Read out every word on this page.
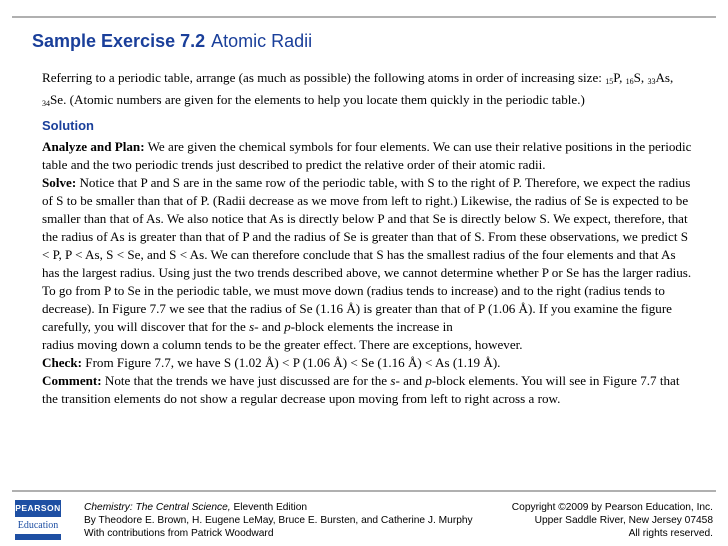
Sample Exercise 7.2 Atomic Radii

Referring to a periodic table, arrange (as much as possible) the following atoms in order of increasing size: $_{15}$P, $_{16}$S, $_{33}$As, $_{34}$Se. (Atomic numbers are given for the elements to help you locate them quickly in the periodic table.)

Solution

Analyze and Plan: We are given the chemical symbols for four elements. We can use their relative positions in the periodic table and the two periodic trends just described to predict the relative order of their atomic radii.

Solve: Notice that P and S are in the same row of the periodic table, with S to the right of P. Therefore, we expect the radius of S to be smaller than that of P. (Radii decrease as we move from left to right.) Likewise, the radius of Se is expected to be smaller than that of As. We also notice that As is directly below P and that Se is directly below S. We expect, therefore, that the radius of As is greater than that of P and the radius of Se is greater than that of S. From these observations, we predict S < P, P < As, S < Se, and S < As. We can therefore conclude that S has the smallest radius of the four elements and that As has the largest radius. Using just the two trends described above, we cannot determine whether P or Se has the larger radius. To go from P to Se in the periodic table, we must move down (radius tends to increase) and to the right (radius tends to decrease). In Figure 7.7 we see that the radius of Se (1.16 Å) is greater than that of P (1.06 Å). If you examine the figure carefully, you will discover that for the s- and p-block elements the increase in

radius moving down a column tends to be the greater effect. There are exceptions, however.

Check: From Figure 7.7, we have S (1.02 Å) < P (1.06 Å) < Se (1.16 Å) < As (1.19 Å).

Comment: Note that the trends we have just discussed are for the s- and p-block elements. You will see in Figure 7.7 that the transition elements do not show a regular decrease upon moving from left to right across a row.

PEARSON
Education
Chemistry: The Central Science, Eleventh Edition
By Theodore E. Brown, H. Eugene LeMay, Bruce E. Bursten, and Catherine J. Murphy
With contributions from Patrick Woodward
Copyright ©2009 by Pearson Education, Inc.
Upper Saddle River, New Jersey 07458
All rights reserved.
